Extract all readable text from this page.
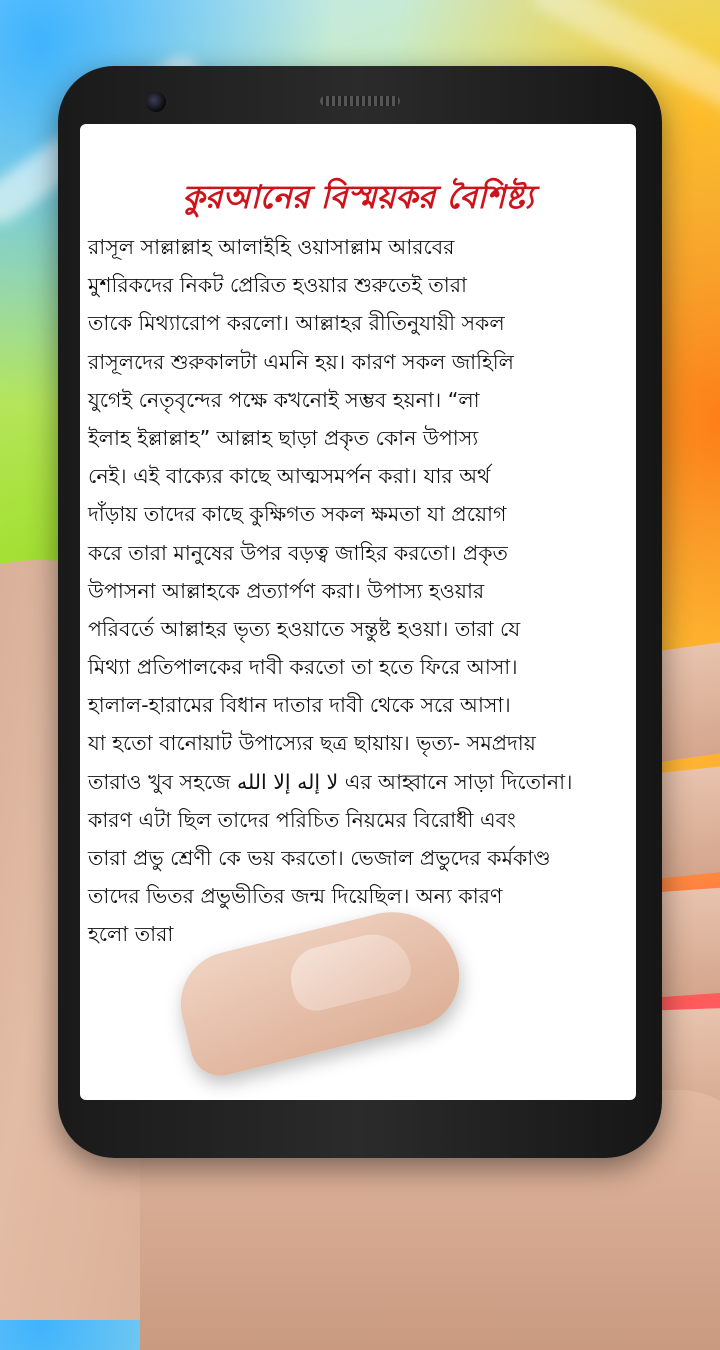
কুরআনের বিস্ময়কর বৈশিষ্ট্য
রাসূল সাল্লাল্লাহ আলাইহি ওয়াসাল্লাম আরবের
মুশরিকদের নিকট প্রেরিত হওয়ার শুরুতেই তারা
তাকে মিথ্যারোপ করলো। আল্লাহর রীতিনুযায়ী সকল
রাসূলদের শুরুকালটা এমনি হয়। কারণ সকল জাহিলি
যুগেই নেতৃবৃন্দের পক্ষে কখনোই সম্ভব হয়না। “লা
ইলাহ ইল্লাল্লাহ” আল্লাহ ছাড়া প্রকৃত কোন উপাস্য
নেই। এই বাক্যের কাছে আত্মসমর্পন করা। যার অর্থ
দাঁড়ায় তাদের কাছে কুক্ষিগত সকল ক্ষমতা যা প্রয়োগ
করে তারা মানুষের উপর বড়ত্ব জাহির করতো। প্রকৃত
উপাসনা আল্লাহকে প্রত্যার্পণ করা। উপাস্য হওয়ার
পরিবর্তে আল্লাহর ভৃত্য হওয়াতে সন্তুষ্ট হওয়া। তারা যে
মিথ্যা প্রতিপালকের দাবী করতো তা হতে ফিরে আসা।
হালাল-হারামের বিধান দাতার দাবী থেকে সরে আসা।
যা হতো বানোয়াট উপাস্যের ছত্র ছায়ায়। ভৃত্য- সমপ্রদায়
তারাও খুব সহজে لا إله إلا الله এর আহ্বানে সাড়া দিতোনা।
কারণ এটা ছিল তাদের পরিচিত নিয়মের বিরোধী এবং
তারা প্রভু শ্রেণী কে ভয় করতো। ভেজাল প্রভুদের কর্মকাণ্ড
তাদের ভিতর প্রভুভীতির জন্ম দিয়েছিল। অন্য কারণ
হলো তারা
